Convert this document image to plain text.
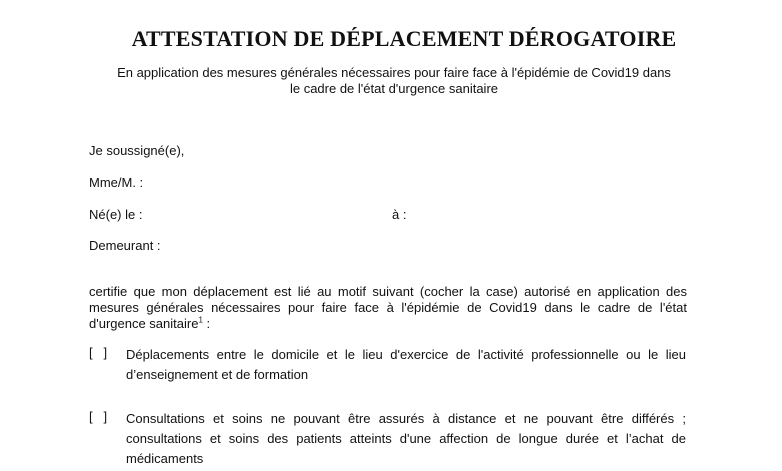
ATTESTATION DE DÉPLACEMENT DÉROGATOIRE
En application des mesures générales nécessaires pour faire face à l'épidémie de Covid19 dans
le cadre de l'état d'urgence sanitaire
Je soussigné(e),
Mme/M. :
Né(e) le :	à :
Demeurant :
certifie que mon déplacement est lié au motif suivant (cocher la case) autorisé en application des mesures générales nécessaires pour faire face à l'épidémie de Covid19 dans le cadre de l'état d'urgence sanitaire$^1$ :
[   ]	Déplacements entre le domicile et le lieu d'exercice de l'activité professionnelle ou le lieu d’enseignement et de formation
[   ]	Consultations et soins ne pouvant être assurés à distance et ne pouvant être différés ; consultations et soins des patients atteints d'une affection de longue durée et l’achat de médicaments
